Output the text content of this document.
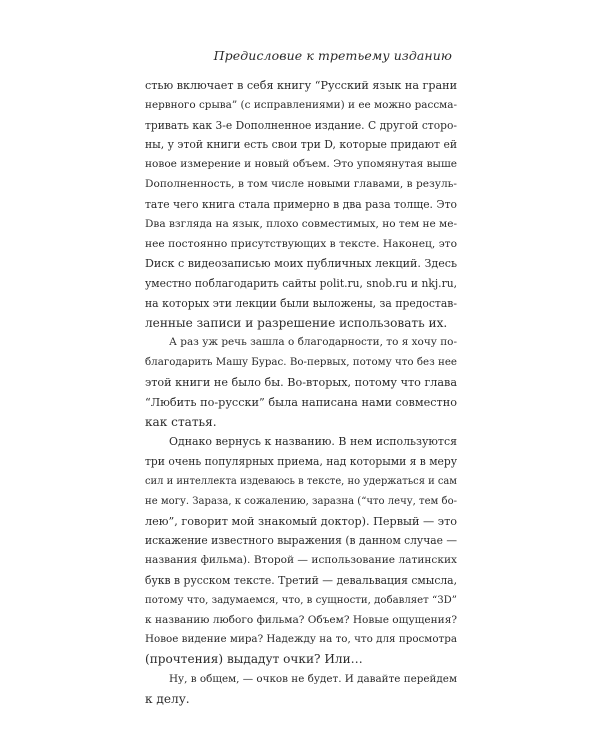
Предисловие к третьему изданию
стью включает в себя книгу “Русский язык на грани
нервного срыва” (с исправлениями) и ее можно рассма-
тривать как 3-е Dополненное издание. С другой сторо-
ны, у этой книги есть свои три D, которые придают ей
новое измерение и новый объем. Это упомянутая выше
Dополненность, в том числе новыми главами, в резуль-
тате чего книга стала примерно в два раза толще. Это
Dва взгляда на язык, плохо совместимых, но тем не ме-
нее постоянно присутствующих в тексте. Наконец, это
Dиск с видеозаписью моих публичных лекций. Здесь
уместно поблагодарить сайты polit.ru, snob.ru и nkj.ru,
на которых эти лекции были выложены, за предостав-
ленные записи и разрешение использовать их.
А раз уж речь зашла о благодарности, то я хочу по-
благодарить Машу Бурас. Во-первых, потому что без нее
этой книги не было бы. Во-вторых, потому что глава
“Любить по-русски” была написана нами совместно
как статья.
Однако вернусь к названию. В нем используются
три очень популярных приема, над которыми я в меру
сил и интеллекта издеваюсь в тексте, но удержаться и сам
не могу. Зараза, к сожалению, заразна (“что лечу, тем бо-
лею”, говорит мой знакомый доктор). Первый — это
искажение известного выражения (в данном случае —
названия фильма). Второй — использование латинских
букв в русском тексте. Третий — девальвация смысла,
потому что, задумаемся, что, в сущности, добавляет “3D”
к названию любого фильма? Объем? Новые ощущения?
Новое видение мира? Надежду на то, что для просмотра
(прочтения) выдадут очки? Или…
Ну, в общем, — очков не будет. И давайте перейдем
к делу.
